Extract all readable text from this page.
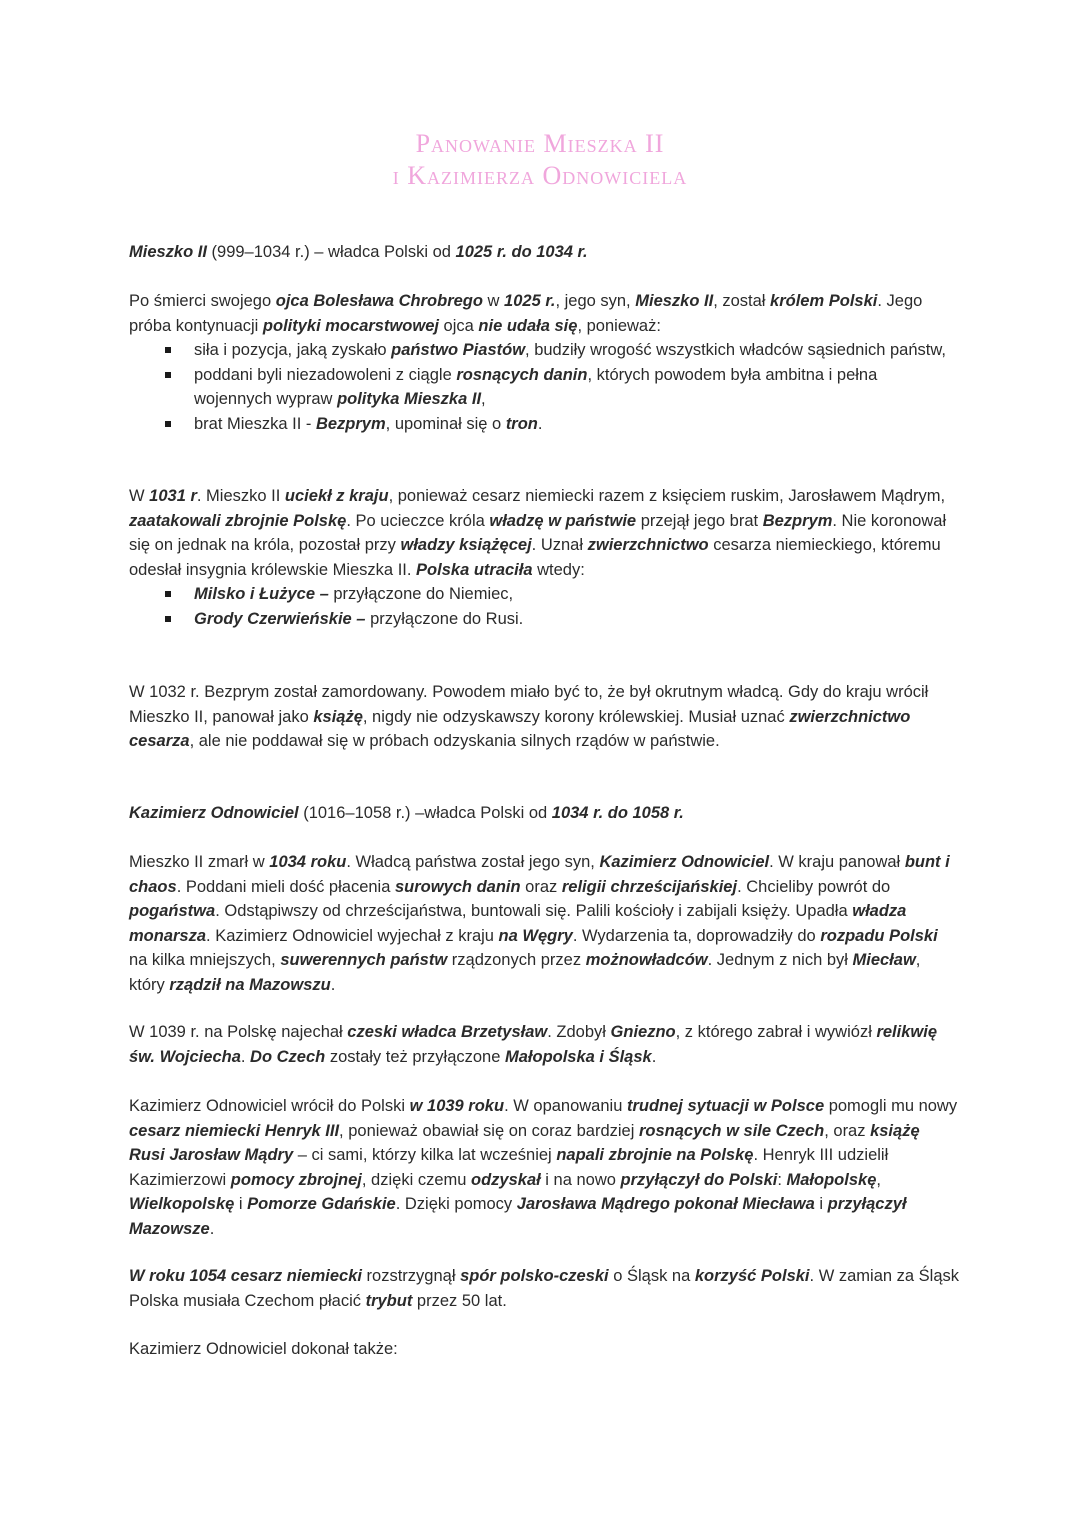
Panowanie Mieszka II
i Kazimierza Odnowiciela

Mieszko II (999–1034 r.) – władca Polski od 1025 r. do 1034 r.

Po śmierci swojego ojca Bolesława Chrobrego w 1025 r., jego syn, Mieszko II, został królem Polski. Jego próba kontynuacji polityki mocarstwowej ojca nie udała się, ponieważ:

siła i pozycja, jaką zyskało państwo Piastów, budziły wrogość wszystkich władców sąsiednich państw,
poddani byli niezadowoleni z ciągle rosnących danin, których powodem była ambitna i pełna wojennych wypraw polityka Mieszka II,
brat Mieszka II - Bezprym, upominał się o tron.

W 1031 r. Mieszko II uciekł z kraju, ponieważ cesarz niemiecki razem z księciem ruskim, Jarosławem Mądrym, zaatakowali zbrojnie Polskę. Po ucieczce króla władzę w państwie przejął jego brat Bezprym. Nie koronował się on jednak na króla, pozostał przy władzy książęcej. Uznał zwierzchnictwo cesarza niemieckiego, któremu odesłał insygnia królewskie Mieszka II. Polska utraciła wtedy:

Milsko i Łużyce – przyłączone do Niemiec,
Grody Czerwieńskie – przyłączone do Rusi.

W 1032 r. Bezprym został zamordowany. Powodem miało być to, że był okrutnym władcą. Gdy do kraju wrócił Mieszko II, panował jako książę, nigdy nie odzyskawszy korony królewskiej. Musiał uznać zwierzchnictwo cesarza, ale nie poddawał się w próbach odzyskania silnych rządów w państwie.

Kazimierz Odnowiciel (1016–1058 r.) –władca Polski od 1034 r. do 1058 r.

Mieszko II zmarł w 1034 roku. Władcą państwa został jego syn, Kazimierz Odnowiciel. W kraju panował bunt i chaos. Poddani mieli dość płacenia surowych danin oraz religii chrześcijańskiej. Chcieliby powrót do pogaństwa. Odstąpiwszy od chrześcijaństwa, buntowali się. Palili kościoły i zabijali księży. Upadła władza monarsza. Kazimierz Odnowiciel wyjechał z kraju na Węgry. Wydarzenia ta, doprowadziły do rozpadu Polski na kilka mniejszych, suwerennych państw rządzonych przez możnowładców. Jednym z nich był Miecław, który rządził na Mazowszu.

W 1039 r. na Polskę najechał czeski władca Brzetysław. Zdobył Gniezno, z którego zabrał i wywiózł relikwię św. Wojciecha. Do Czech zostały też przyłączone Małopolska i Śląsk.

Kazimierz Odnowiciel wrócił do Polski w 1039 roku. W opanowaniu trudnej sytuacji w Polsce pomogli mu nowy cesarz niemiecki Henryk III, ponieważ obawiał się on coraz bardziej rosnących w sile Czech, oraz książę Rusi Jarosław Mądry – ci sami, którzy kilka lat wcześniej napali zbrojnie na Polskę. Henryk III udzielił Kazimierzowi pomocy zbrojnej, dzięki czemu odzyskał i na nowo przyłączył do Polski: Małopolskę, Wielkopolskę i Pomorze Gdańskie. Dzięki pomocy Jarosława Mądrego pokonał Miecława i przyłączył Mazowsze.

W roku 1054 cesarz niemiecki rozstrzygnął spór polsko-czeski o Śląsk na korzyść Polski. W zamian za Śląsk Polska musiała Czechom płacić trybut przez 50 lat.

Kazimierz Odnowiciel dokonał także:
